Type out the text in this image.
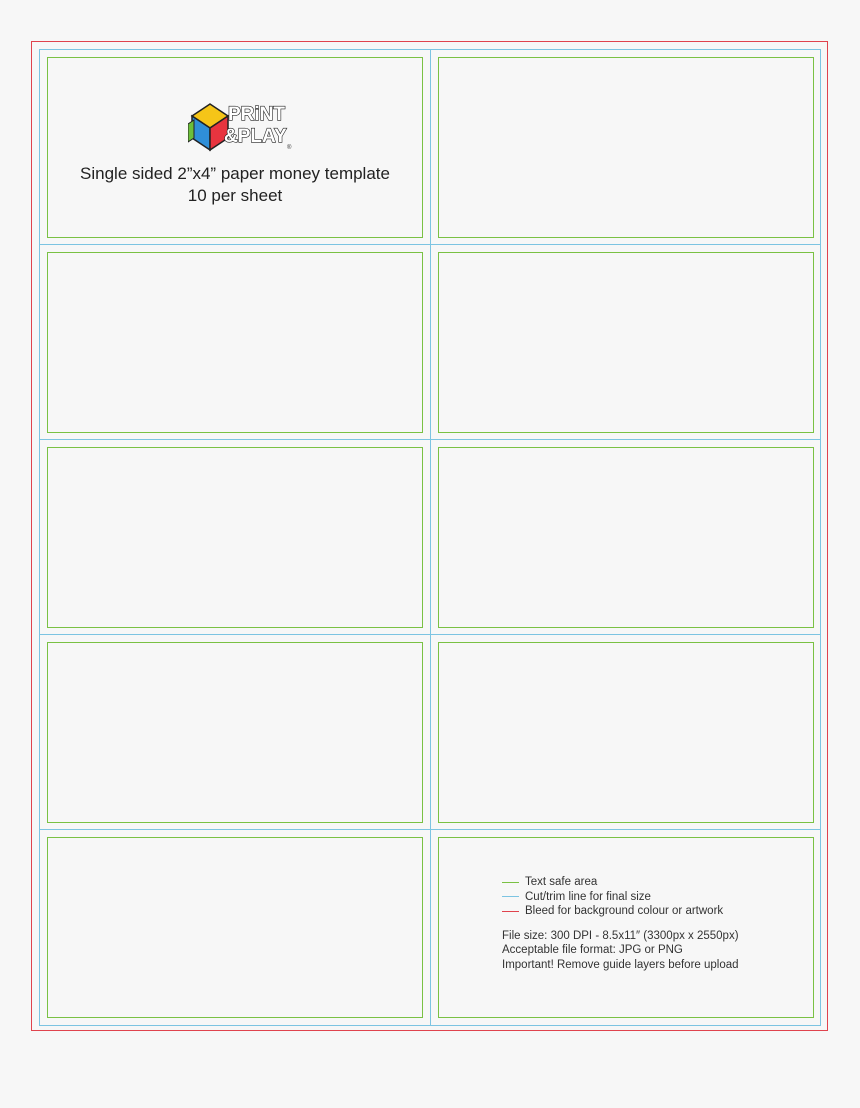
PRiNT
&PLAY
®
Single sided 2”x4” paper money template
10 per sheet
Text safe area
Cut/trim line for final size
Bleed for background colour or artwork
File size: 300 DPI - 8.5x11″ (3300px x 2550px)
Acceptable file format: JPG or PNG
Important! Remove guide layers before upload
